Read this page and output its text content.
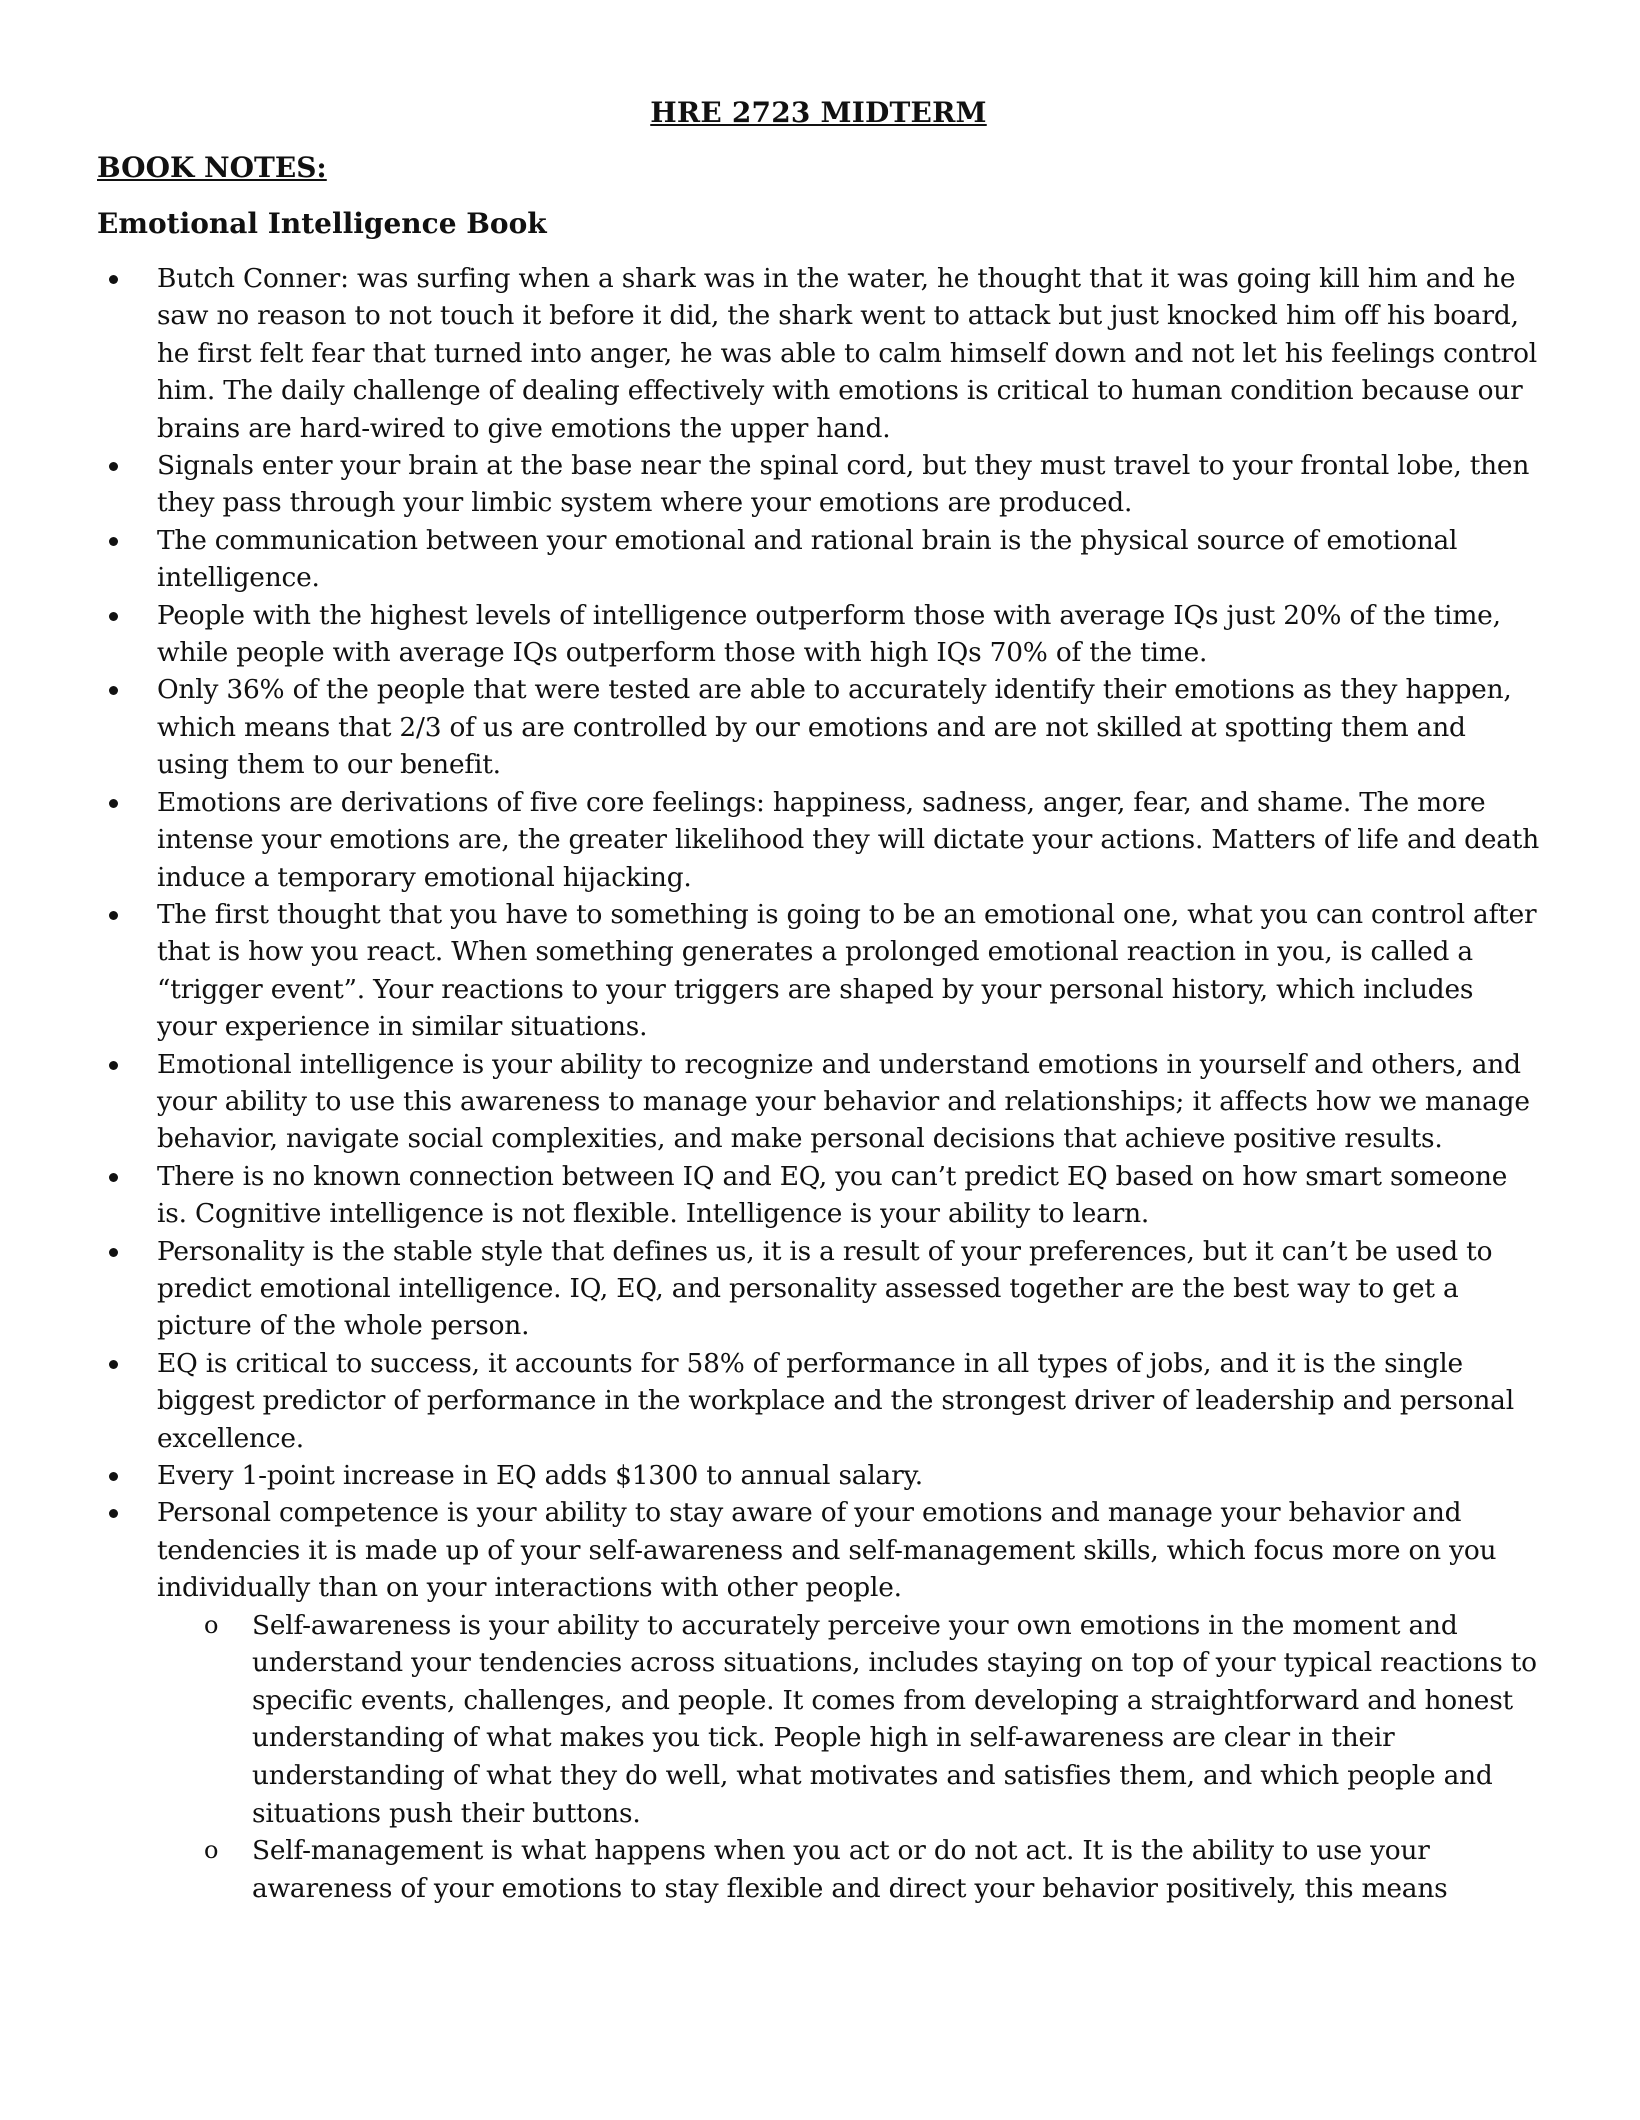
HRE 2723 MIDTERM
BOOK NOTES:
Emotional Intelligence Book
Butch Conner: was surfing when a shark was in the water, he thought that it was going kill him and he saw no reason to not touch it before it did, the shark went to attack but just knocked him off his board, he first felt fear that turned into anger, he was able to calm himself down and not let his feelings control him. The daily challenge of dealing effectively with emotions is critical to human condition because our brains are hard-wired to give emotions the upper hand.
Signals enter your brain at the base near the spinal cord, but they must travel to your frontal lobe, then they pass through your limbic system where your emotions are produced.
The communication between your emotional and rational brain is the physical source of emotional intelligence.
People with the highest levels of intelligence outperform those with average IQs just 20% of the time, while people with average IQs outperform those with high IQs 70% of the time.
Only 36% of the people that were tested are able to accurately identify their emotions as they happen, which means that 2/3 of us are controlled by our emotions and are not skilled at spotting them and using them to our benefit.
Emotions are derivations of five core feelings: happiness, sadness, anger, fear, and shame. The more intense your emotions are, the greater likelihood they will dictate your actions. Matters of life and death induce a temporary emotional hijacking.
The first thought that you have to something is going to be an emotional one, what you can control after that is how you react. When something generates a prolonged emotional reaction in you, is called a “trigger event”. Your reactions to your triggers are shaped by your personal history, which includes your experience in similar situations.
Emotional intelligence is your ability to recognize and understand emotions in yourself and others, and your ability to use this awareness to manage your behavior and relationships; it affects how we manage behavior, navigate social complexities, and make personal decisions that achieve positive results.
There is no known connection between IQ and EQ, you can’t predict EQ based on how smart someone is. Cognitive intelligence is not flexible. Intelligence is your ability to learn.
Personality is the stable style that defines us, it is a result of your preferences, but it can’t be used to predict emotional intelligence. IQ, EQ, and personality assessed together are the best way to get a picture of the whole person.
EQ is critical to success, it accounts for 58% of performance in all types of jobs, and it is the single biggest predictor of performance in the workplace and the strongest driver of leadership and personal excellence.
Every 1-point increase in EQ adds $1300 to annual salary.
Personal competence is your ability to stay aware of your emotions and manage your behavior and tendencies it is made up of your self-awareness and self-management skills, which focus more on you individually than on your interactions with other people.
o Self-awareness is your ability to accurately perceive your own emotions in the moment and understand your tendencies across situations, includes staying on top of your typical reactions to specific events, challenges, and people. It comes from developing a straightforward and honest understanding of what makes you tick. People high in self-awareness are clear in their understanding of what they do well, what motivates and satisfies them, and which people and situations push their buttons.
o Self-management is what happens when you act or do not act. It is the ability to use your awareness of your emotions to stay flexible and direct your behavior positively, this means
